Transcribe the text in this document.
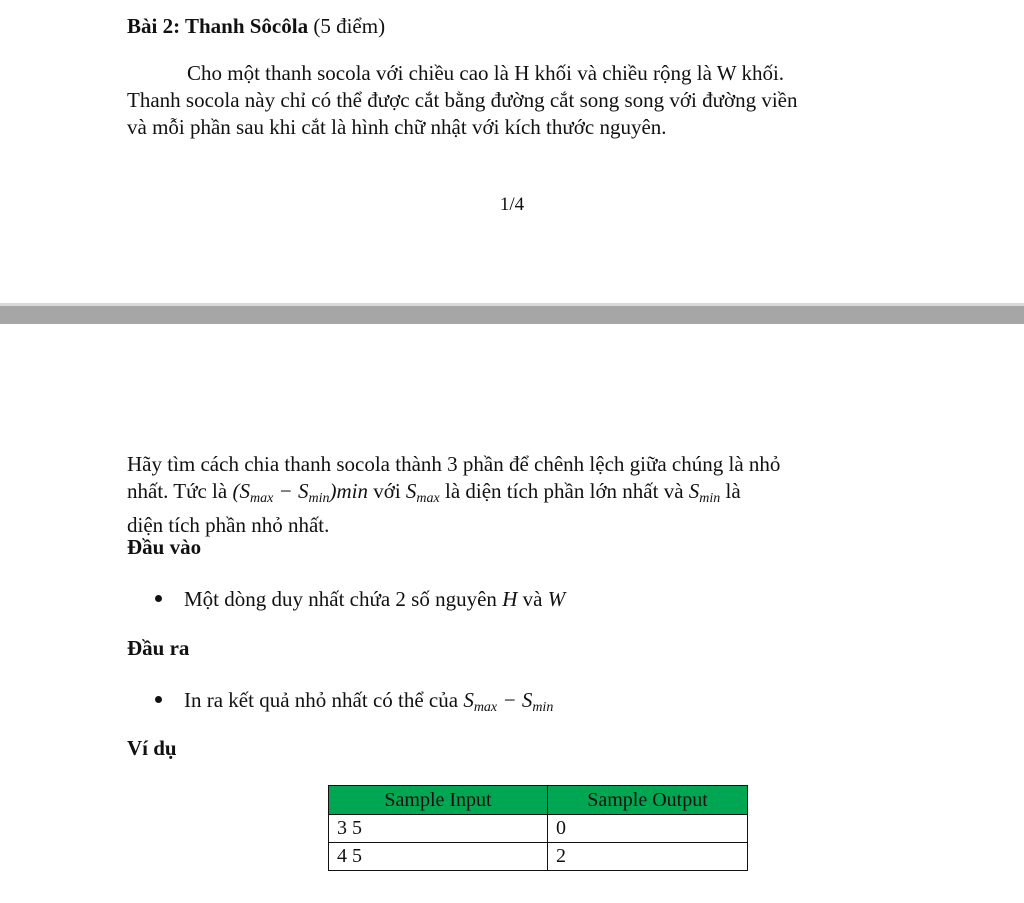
Bài 2: Thanh Sôcôla (5 điểm)
Cho một thanh socola với chiều cao là H khối và chiều rộng là W khối.
Thanh socola này chỉ có thể được cắt bằng đường cắt song song với đường viền
và mỗi phần sau khi cắt là hình chữ nhật với kích thước nguyên.
1/4
Hãy tìm cách chia thanh socola thành 3 phần để chênh lệch giữa chúng là nhỏ
nhất. Tức là $(S_{max} - S_{min})\min$ với $S_{max}$ là diện tích phần lớn nhất và $S_{min}$ là
diện tích phần nhỏ nhất.
Đầu vào
Một dòng duy nhất chứa 2 số nguyên H và W
Đầu ra
In ra kết quả nhỏ nhất có thể của $S_{max} - S_{min}$
Ví dụ
Sample Input	Sample Output
3 5	0
4 5	2
